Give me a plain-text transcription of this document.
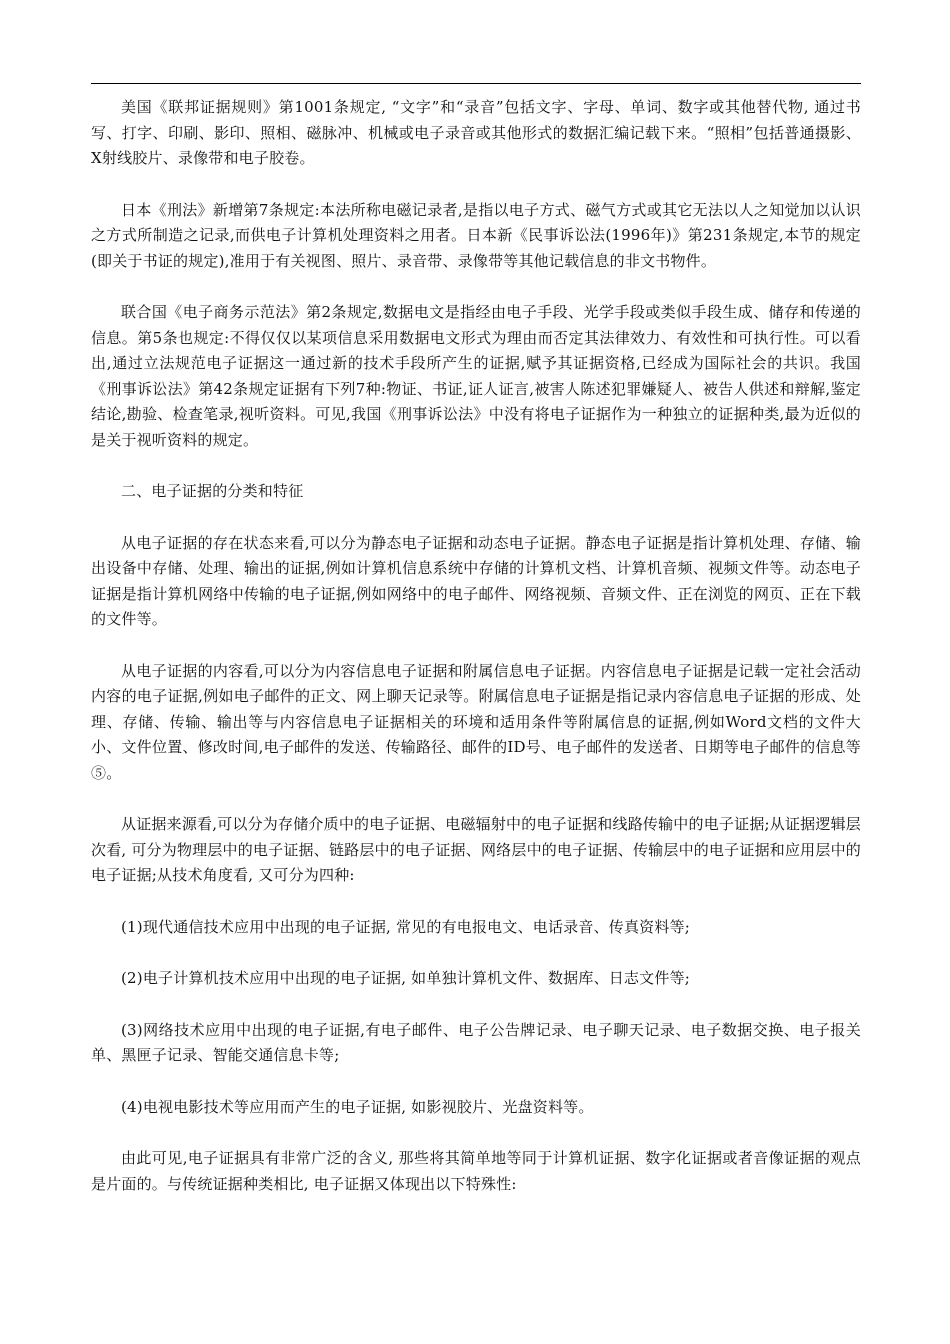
美国《联邦证据规则》第1001条规定, “文字”和“录音”包括文字、字母、单词、数字或其他替代物, 通过书写、打字、印刷、影印、照相、磁脉冲、机械或电子录音或其他形式的数据汇编记载下来。“照相”包括普通摄影、X射线胶片、录像带和电子胶卷。

日本《刑法》新增第7条规定:本法所称电磁记录者,是指以电子方式、磁气方式或其它无法以人之知觉加以认识之方式所制造之记录,而供电子计算机处理资料之用者。日本新《民事诉讼法(1996年)》第231条规定,本节的规定(即关于书证的规定),准用于有关视图、照片、录音带、录像带等其他记载信息的非文书物件。

联合国《电子商务示范法》第2条规定,数据电文是指经由电子手段、光学手段或类似手段生成、储存和传递的信息。第5条也规定:不得仅仅以某项信息采用数据电文形式为理由而否定其法律效力、有效性和可执行性。可以看出,通过立法规范电子证据这一通过新的技术手段所产生的证据,赋予其证据资格,已经成为国际社会的共识。我国《刑事诉讼法》第42条规定证据有下列7种:物证、书证,证人证言,被害人陈述犯罪嫌疑人、被告人供述和辩解,鉴定结论,勘验、检查笔录,视听资料。可见,我国《刑事诉讼法》中没有将电子证据作为一种独立的证据种类,最为近似的是关于视听资料的规定。

二、电子证据的分类和特征

从电子证据的存在状态来看,可以分为静态电子证据和动态电子证据。静态电子证据是指计算机处理、存储、输出设备中存储、处理、输出的证据,例如计算机信息系统中存储的计算机文档、计算机音频、视频文件等。动态电子证据是指计算机网络中传输的电子证据,例如网络中的电子邮件、网络视频、音频文件、正在浏览的网页、正在下载的文件等。

从电子证据的内容看,可以分为内容信息电子证据和附属信息电子证据。内容信息电子证据是记载一定社会活动内容的电子证据,例如电子邮件的正文、网上聊天记录等。附属信息电子证据是指记录内容信息电子证据的形成、处理、存储、传输、输出等与内容信息电子证据相关的环境和适用条件等附属信息的证据,例如Word文档的文件大小、文件位置、修改时间,电子邮件的发送、传输路径、邮件的ID号、电子邮件的发送者、日期等电子邮件的信息等⑤。

从证据来源看,可以分为存储介质中的电子证据、电磁辐射中的电子证据和线路传输中的电子证据;从证据逻辑层次看, 可分为物理层中的电子证据、链路层中的电子证据、网络层中的电子证据、传输层中的电子证据和应用层中的电子证据;从技术角度看, 又可分为四种:

(1)现代通信技术应用中出现的电子证据, 常见的有电报电文、电话录音、传真资料等;

(2)电子计算机技术应用中出现的电子证据, 如单独计算机文件、数据库、日志文件等;

(3)网络技术应用中出现的电子证据,有电子邮件、电子公告牌记录、电子聊天记录、电子数据交换、电子报关单、黑匣子记录、智能交通信息卡等;

(4)电视电影技术等应用而产生的电子证据, 如影视胶片、光盘资料等。

由此可见,电子证据具有非常广泛的含义, 那些将其简单地等同于计算机证据、数字化证据或者音像证据的观点是片面的。与传统证据种类相比, 电子证据又体现出以下特殊性:
